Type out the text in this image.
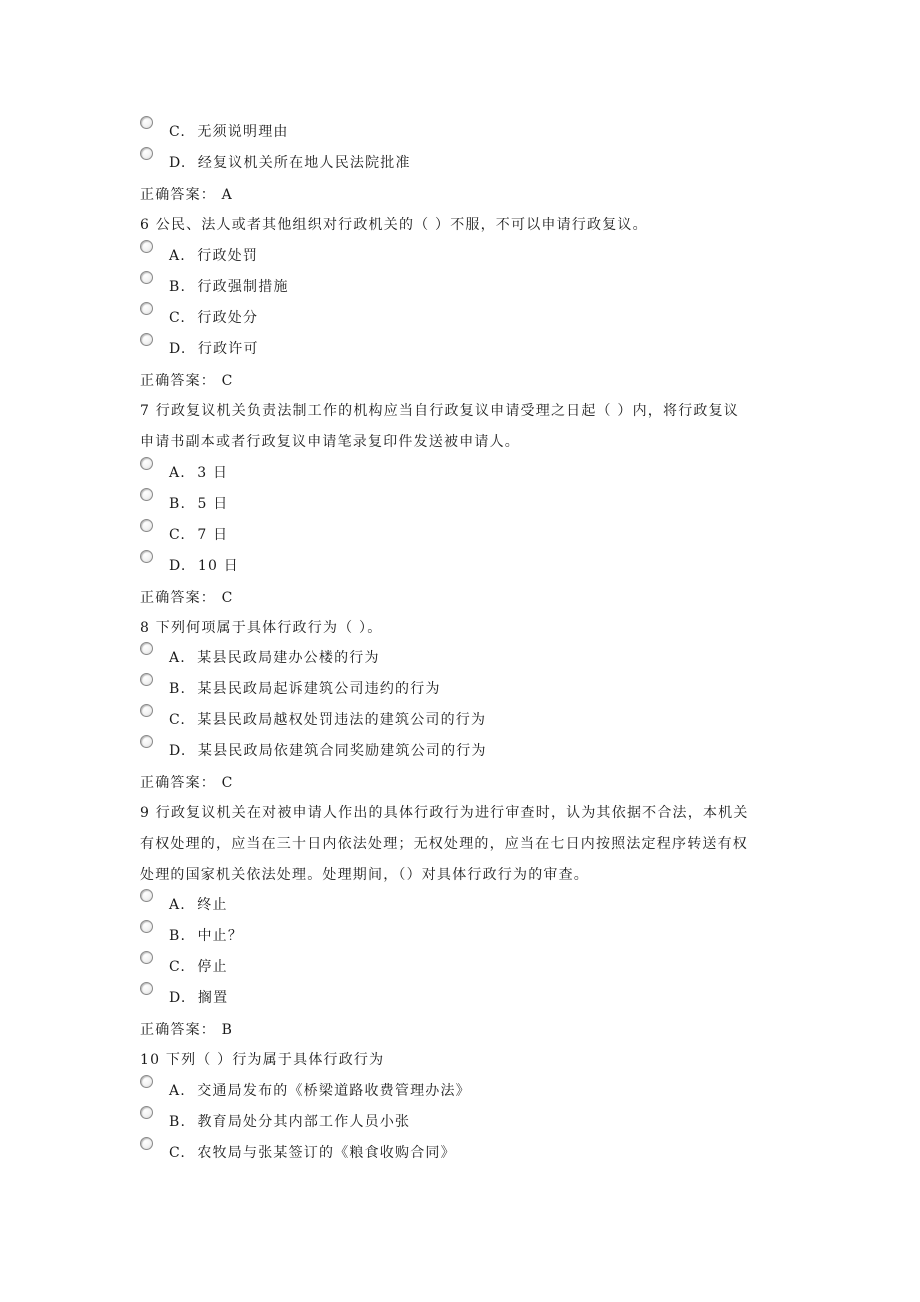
C. 无须说明理由
D. 经复议机关所在地人民法院批准
正确答案： A
6 公民、法人或者其他组织对行政机关的（ ）不服，不可以申请行政复议。
A. 行政处罚
B. 行政强制措施
C. 行政处分
D. 行政许可
正确答案： C
7 行政复议机关负责法制工作的机构应当自行政复议申请受理之日起（ ）内，将行政复议
申请书副本或者行政复议申请笔录复印件发送被申请人。
A. 3 日
B. 5 日
C. 7 日
D. 10 日
正确答案： C
8 下列何项属于具体行政行为（ ）。
A. 某县民政局建办公楼的行为
B. 某县民政局起诉建筑公司违约的行为
C. 某县民政局越权处罚违法的建筑公司的行为
D. 某县民政局依建筑合同奖励建筑公司的行为
正确答案： C
9 行政复议机关在对被申请人作出的具体行政行为进行审查时，认为其依据不合法，本机关
有权处理的，应当在三十日内依法处理；无权处理的，应当在七日内按照法定程序转送有权
处理的国家机关依法处理。处理期间，（）对具体行政行为的审查。
A. 终止
B. 中止？
C. 停止
D. 搁置
正确答案： B
10 下列（ ）行为属于具体行政行为
A. 交通局发布的《桥梁道路收费管理办法》
B. 教育局处分其内部工作人员小张
C. 农牧局与张某签订的《粮食收购合同》
